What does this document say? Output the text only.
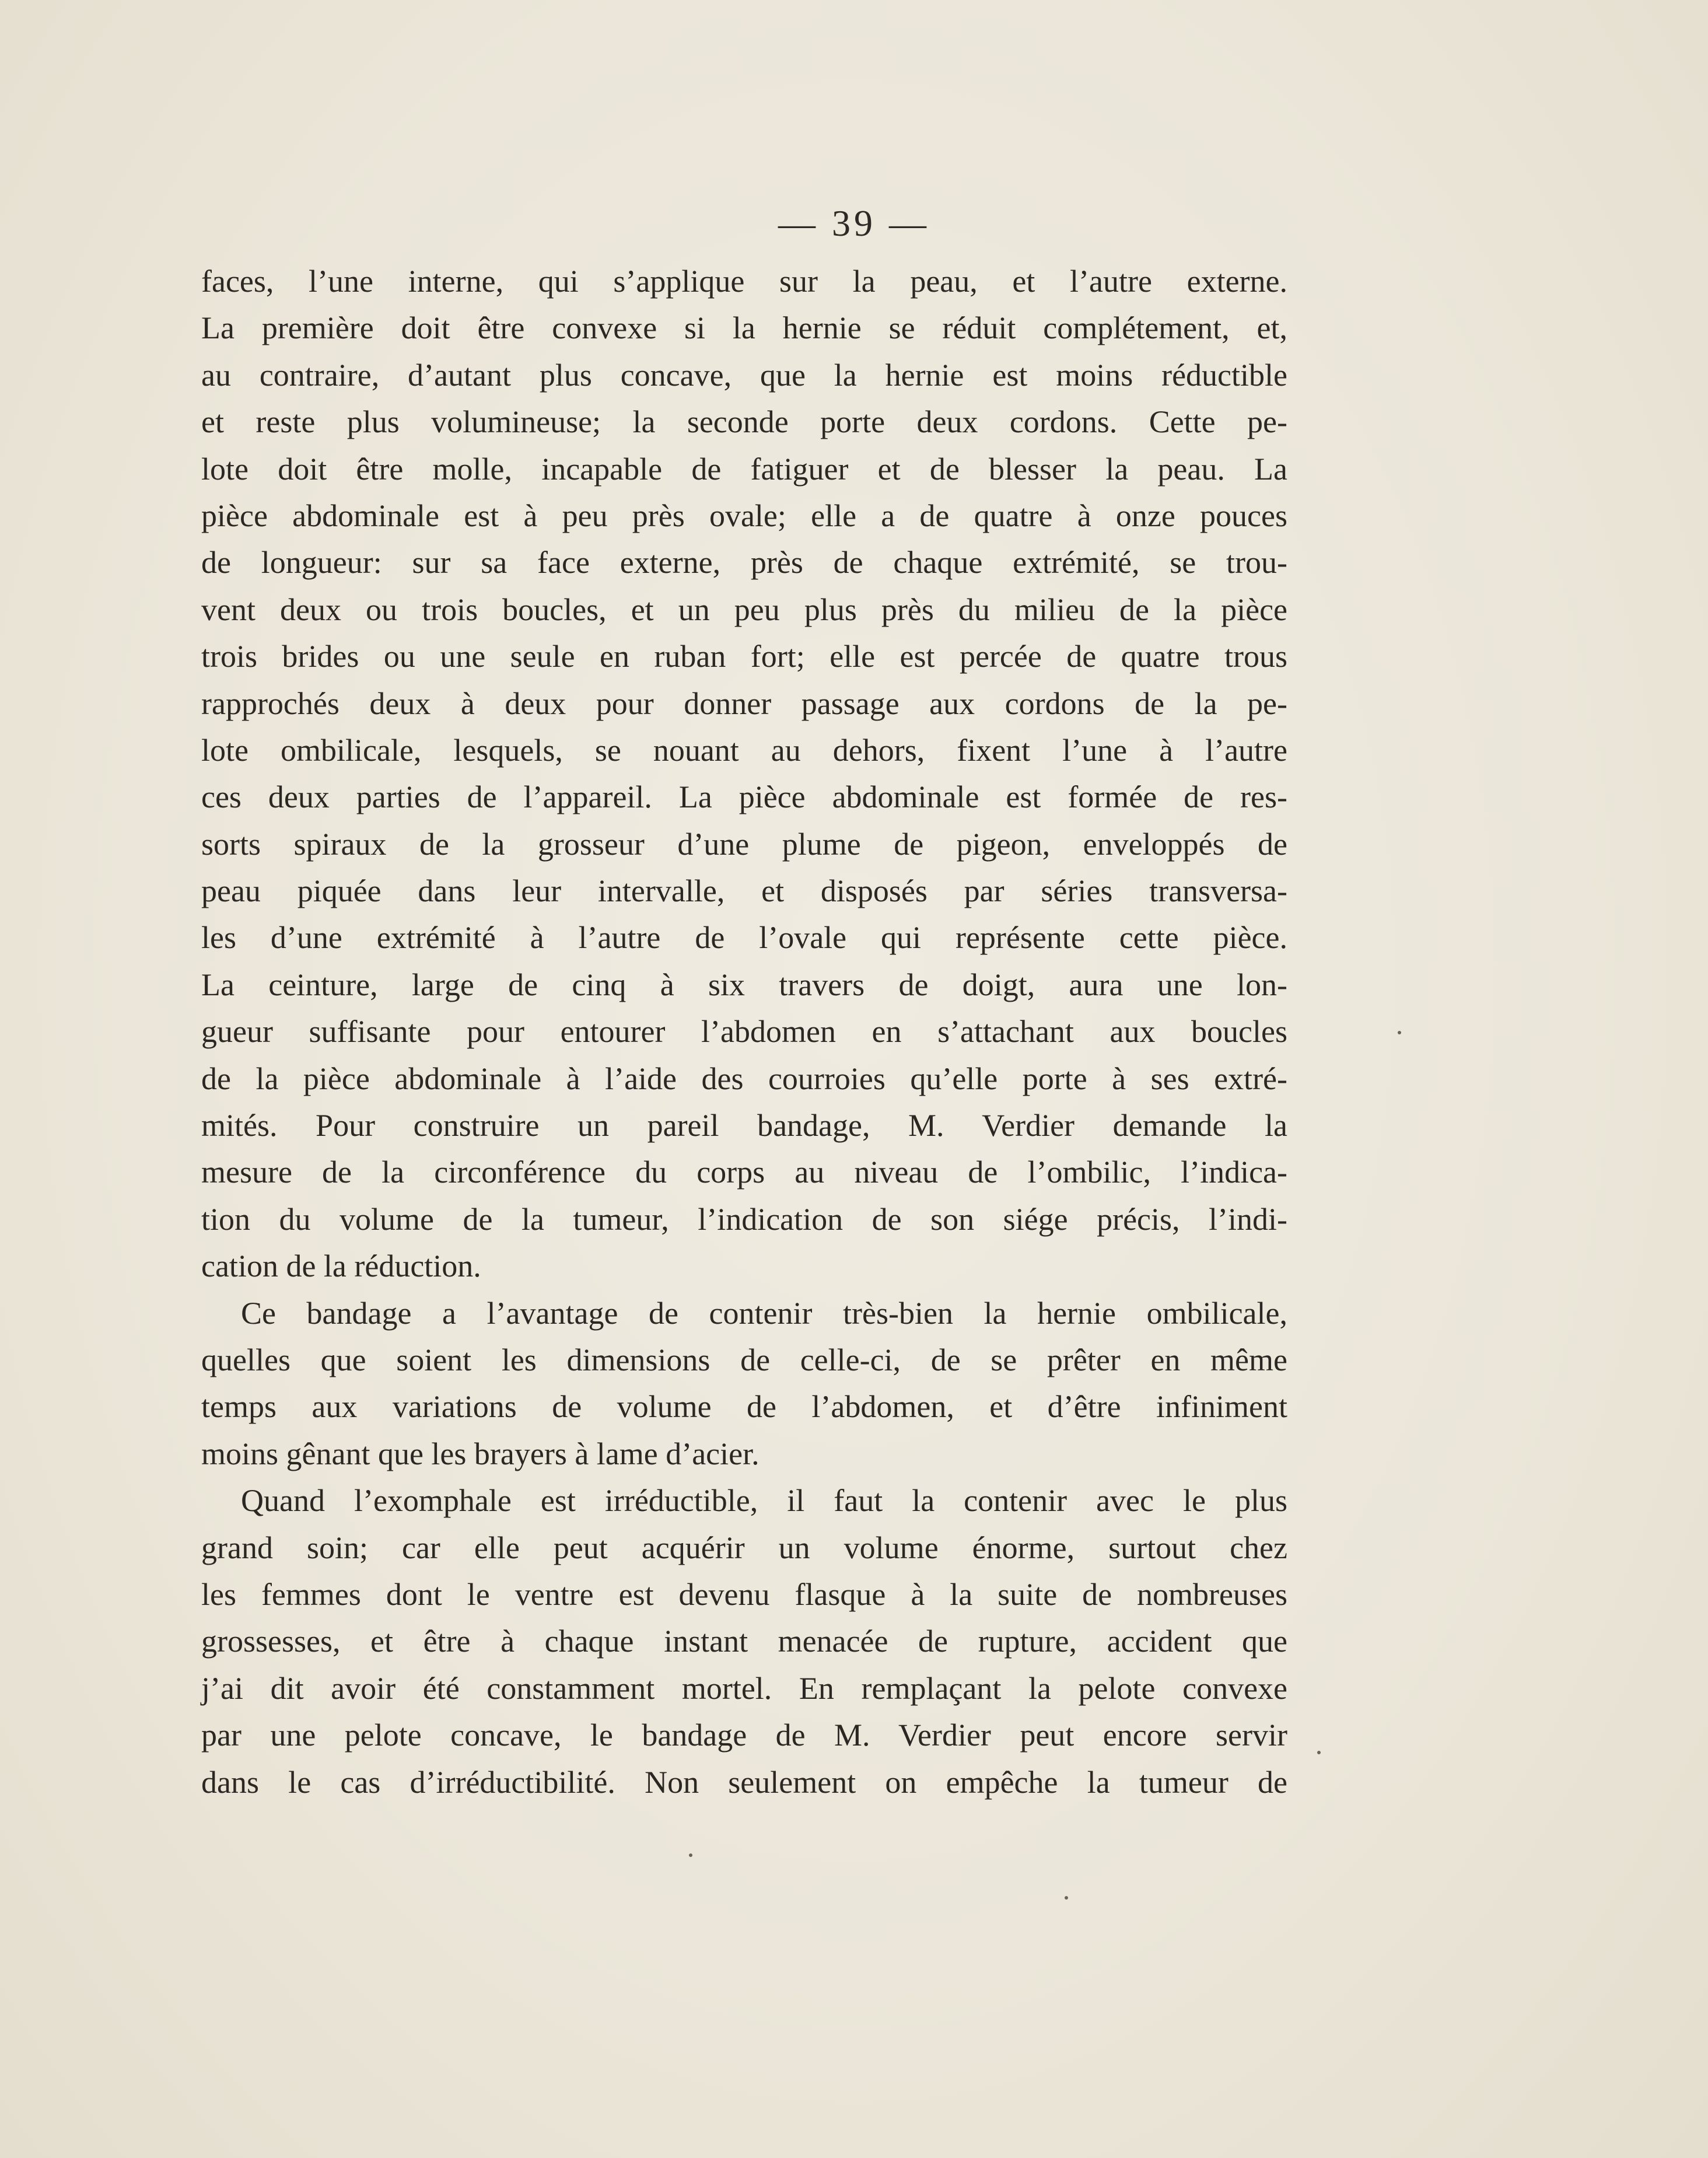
— 39 —
faces, l’une interne, qui s’applique sur la peau, et l’autre externe.
La première doit être convexe si la hernie se réduit complétement, et,
au contraire, d’autant plus concave, que la hernie est moins réductible
et reste plus volumineuse; la seconde porte deux cordons. Cette pe-
lote doit être molle, incapable de fatiguer et de blesser la peau. La
pièce abdominale est à peu près ovale; elle a de quatre à onze pouces
de longueur: sur sa face externe, près de chaque extrémité, se trou-
vent deux ou trois boucles, et un peu plus près du milieu de la pièce
trois brides ou une seule en ruban fort; elle est percée de quatre trous
rapprochés deux à deux pour donner passage aux cordons de la pe-
lote ombilicale, lesquels, se nouant au dehors, fixent l’une à l’autre
ces deux parties de l’appareil. La pièce abdominale est formée de res-
sorts spiraux de la grosseur d’une plume de pigeon, enveloppés de
peau piquée dans leur intervalle, et disposés par séries transversa-
les d’une extrémité à l’autre de l’ovale qui représente cette pièce.
La ceinture, large de cinq à six travers de doigt, aura une lon-
gueur suffisante pour entourer l’abdomen en s’attachant aux boucles
de la pièce abdominale à l’aide des courroies qu’elle porte à ses extré-
mités. Pour construire un pareil bandage, M. Verdier demande la
mesure de la circonférence du corps au niveau de l’ombilic, l’indica-
tion du volume de la tumeur, l’indication de son siége précis, l’indi-
cation de la réduction.
Ce bandage a l’avantage de contenir très-bien la hernie ombilicale,
quelles que soient les dimensions de celle-ci, de se prêter en même
temps aux variations de volume de l’abdomen, et d’être infiniment
moins gênant que les brayers à lame d’acier.
Quand l’exomphale est irréductible, il faut la contenir avec le plus
grand soin; car elle peut acquérir un volume énorme, surtout chez
les femmes dont le ventre est devenu flasque à la suite de nombreuses
grossesses, et être à chaque instant menacée de rupture, accident que
j’ai dit avoir été constamment mortel. En remplaçant la pelote convexe
par une pelote concave, le bandage de M. Verdier peut encore servir
dans le cas d’irréductibilité. Non seulement on empêche la tumeur de
